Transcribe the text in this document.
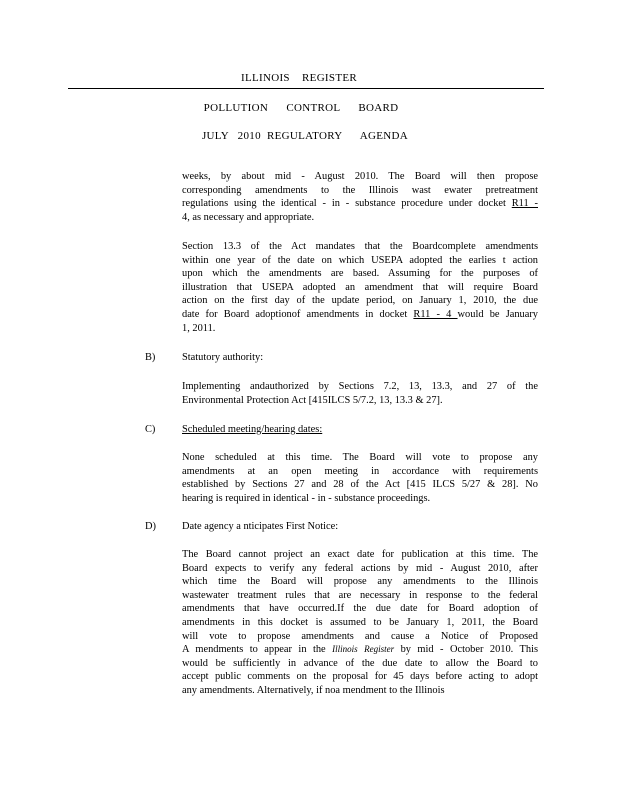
ILLINOIS    REGISTER
POLLUTION      CONTROL      BOARD
JULY   2010  REGULATORY      AGENDA
weeks, by about mid - August 2010. The Board will then propose
corresponding amendments to the Illinois wast ewater pretreatment
regulations using the identical - in - substance procedure under docket R11 -
4, as necessary and appropriate.
Section 13.3 of the Act mandates that the Boardcomplete amendments
within one year of the date on which USEPA adopted the earlies t action
upon which the amendments are based. Assuming for the purposes of
illustration that USEPA adopted an amendment that will require Board
action on the first day of the update period, on January 1, 2010, the due
date for Board adoptionof amendments in docket R11 - 4 would be January
1, 2011.
B)	Statutory authority:
Implementing andauthorized by Sections 7.2, 13, 13.3, and 27 of the
Environmental Protection Act [415ILCS 5/7.2, 13, 13.3 & 27].
C)	Scheduled meeting/hearing dates:
None scheduled at this time. The Board will vote to propose any
amendments at an open meeting in accordance with requirements
established by Sections 27 and 28 of the Act [415 ILCS 5/27 & 28]. No
hearing is required in identical - in - substance proceedings.
D)	Date agency a nticipates First Notice:
The Board cannot project an exact date for publication at this time. The
Board expects to verify any federal actions by mid - August 2010, after
which time the Board will propose any amendments to the Illinois
wastewater treatment rules that are necessary in response to the federal
amendments that have occurred.If the due date for Board adoption of
amendments in this docket is assumed to be January 1, 2011, the Board
will vote to propose amendments and cause a Notice of Proposed
A mendments to appear in the Illinois Register by mid - October 2010. This
would be sufficiently in advance of the due date to allow the Board to
accept public comments on the proposal for 45 days before acting to adopt
any amendments. Alternatively, if noa mendment to the Illinois
